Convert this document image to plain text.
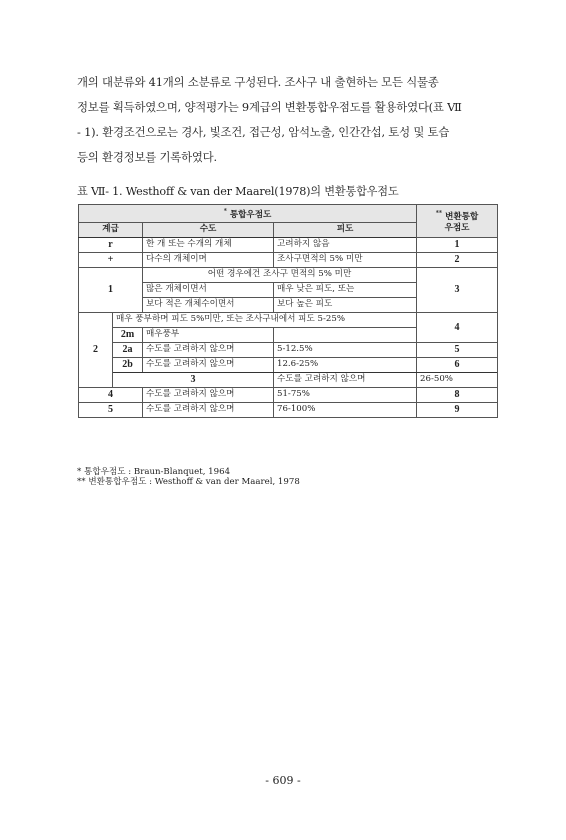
개의 대분류와 41개의 소분류로 구성된다. 조사구 내 출현하는 모든 식물종
정보를 획득하였으며, 양적평가는 9계급의 변환통합우점도를 활용하였다(표 Ⅶ
- 1). 환경조건으로는 경사, 빛조건, 접근성, 암석노출, 인간간섭, 토성 및 토습
등의 환경정보를 기록하였다.
표 Ⅶ- 1. Westhoff & van der Maarel(1978)의 변환통합우점도
* 통합우점도				** 변환통합
우점도	
계급		수도	피도		
r		한 개 또는 수개의 개체	고려하지 않음	1	
+		다수의 개체이며	조사구면적의 5% 미만	2	
1		어떤 경우에건 조사구 면적의 5% 미만		3	
		많은 개체이면서	매우 낮은 피도, 또는		
		보다 적은 개체수이면서	보다 높은 피도		
2	매우 풍부하며 피도 5%미만, 또는 조사구내에서 피도 5-25%			4	
	2m	매우풍부			
	2a	수도를 고려하지 않으며	5-12.5%	5	
	2b	수도를 고려하지 않으며	12.6-25%	6	
	3		수도를 고려하지 않으며	26-50%	
4		수도를 고려하지 않으며	51-75%	8	
5		수도를 고려하지 않으며	76-100%	9	
* 통합우점도 : Braun-Blanquet, 1964
** 변환통합우점도 : Westhoff & van der Maarel, 1978
- 609 -
